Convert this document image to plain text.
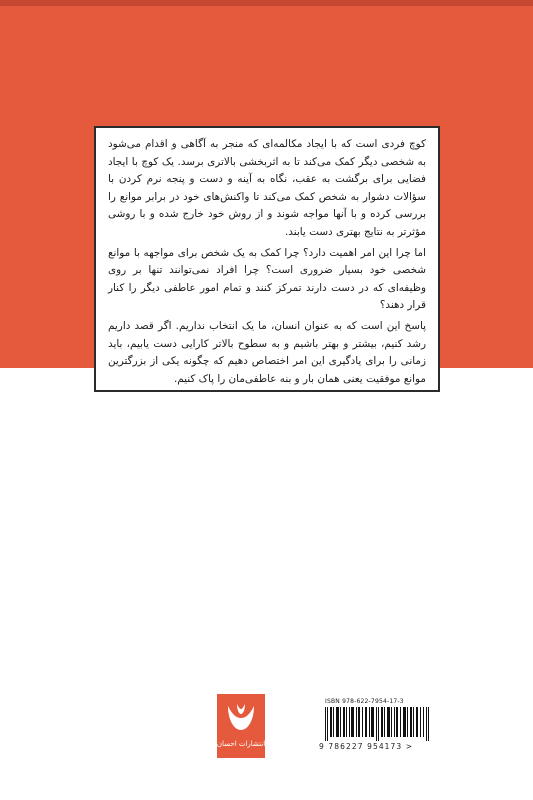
کوچ فردی است که با ایجاد مکالمه‌ای که منجر به آگاهی و اقدام می‌شود به شخصی دیگر کمک می‌کند تا به اثربخشی بالاتری برسد. یک کوچ با ایجاد فضایی برای برگشت به عقب، نگاه به آینه و دست و پنجه نرم کردن با سؤالات دشوار به شخص کمک می‌کند تا واکنش‌های خود در برابر موانع را بررسی کرده و با آنها مواجه شوند و از روش خود خارج شده و با روشی مؤثرتر به نتایج بهتری دست یابند.

اما چرا این امر اهمیت دارد؟ چرا کمک به یک شخص برای مواجهه با موانع شخصی خود بسیار ضروری است؟ چرا افراد نمی‌توانند تنها بر روی وظیفه‌ای که در دست دارند تمرکز کنند و تمام امور عاطفی دیگر را کنار قرار دهند؟

پاسخ این است که به عنوان انسان، ما یک انتخاب نداریم. اگر قصد داریم رشد کنیم، بیشتر و بهتر باشیم و به سطوح بالاتر کارایی دست یابیم، باید زمانی را برای یادگیری این امر اختصاص دهیم که چگونه یکی از بزرگترین موانع موفقیت یعنی همان بار و بنه عاطفی‌مان را پاک کنیم.

انتشارات احسان
ISBN 978-622-7954-17-3
9 786227 954173 >
